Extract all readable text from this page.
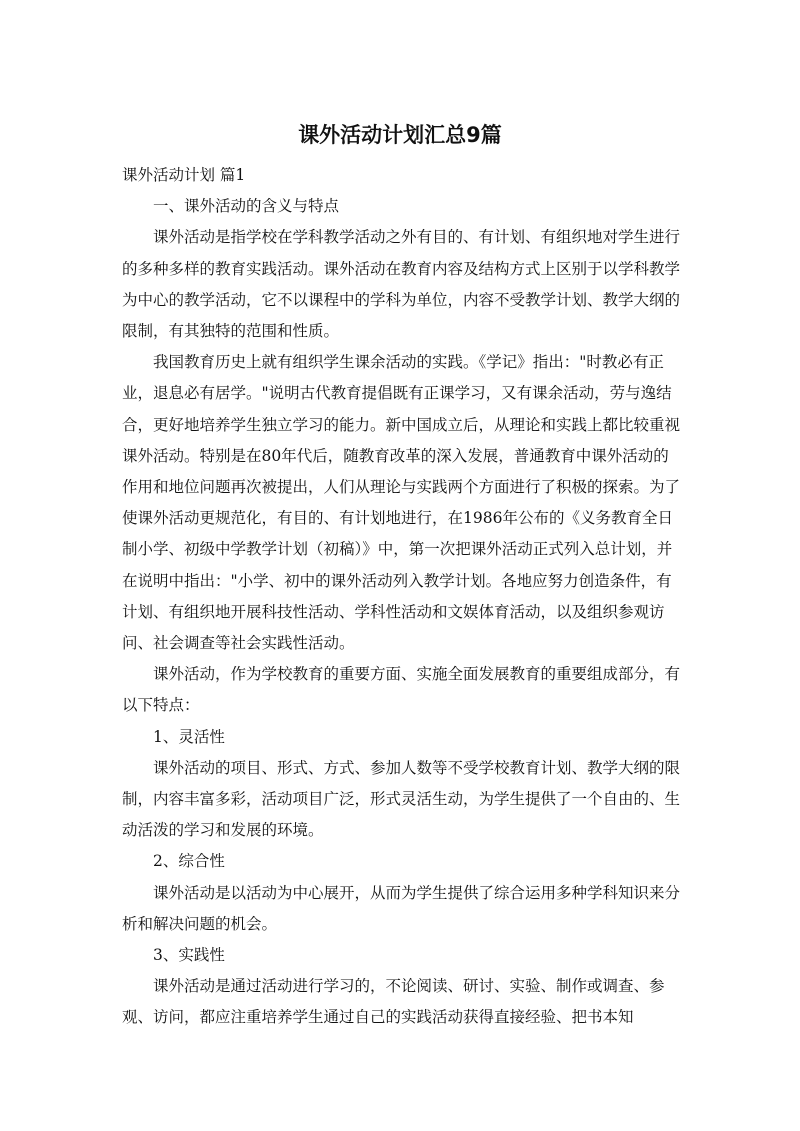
课外活动计划汇总9篇

课外活动计划 篇1

一、课外活动的含义与特点

课外活动是指学校在学科教学活动之外有目的、有计划、有组织地对学生进行的多种多样的教育实践活动。课外活动在教育内容及结构方式上区别于以学科教学为中心的教学活动，它不以课程中的学科为单位，内容不受教学计划、教学大纲的限制，有其独特的范围和性质。

我国教育历史上就有组织学生课余活动的实践。《学记》指出："时教必有正业，退息必有居学。"说明古代教育提倡既有正课学习，又有课余活动，劳与逸结合，更好地培养学生独立学习的能力。新中国成立后，从理论和实践上都比较重视课外活动。特别是在80年代后，随教育改革的深入发展，普通教育中课外活动的作用和地位问题再次被提出，人们从理论与实践两个方面进行了积极的探索。为了使课外活动更规范化，有目的、有计划地进行，在1986年公布的《义务教育全日制小学、初级中学教学计划（初稿）》中，第一次把课外活动正式列入总计划，并在说明中指出："小学、初中的课外活动列入教学计划。各地应努力创造条件，有计划、有组织地开展科技性活动、学科性活动和文娱体育活动，以及组织参观访问、社会调查等社会实践性活动。

课外活动，作为学校教育的重要方面、实施全面发展教育的重要组成部分，有以下特点：

1、灵活性

课外活动的项目、形式、方式、参加人数等不受学校教育计划、教学大纲的限制，内容丰富多彩，活动项目广泛，形式灵活生动，为学生提供了一个自由的、生动活泼的学习和发展的环境。

2、综合性

课外活动是以活动为中心展开，从而为学生提供了综合运用多种学科知识来分析和解决问题的机会。

3、实践性

课外活动是通过活动进行学习的，不论阅读、研讨、实验、制作或调查、参观、访问，都应注重培养学生通过自己的实践活动获得直接经验、把书本知
